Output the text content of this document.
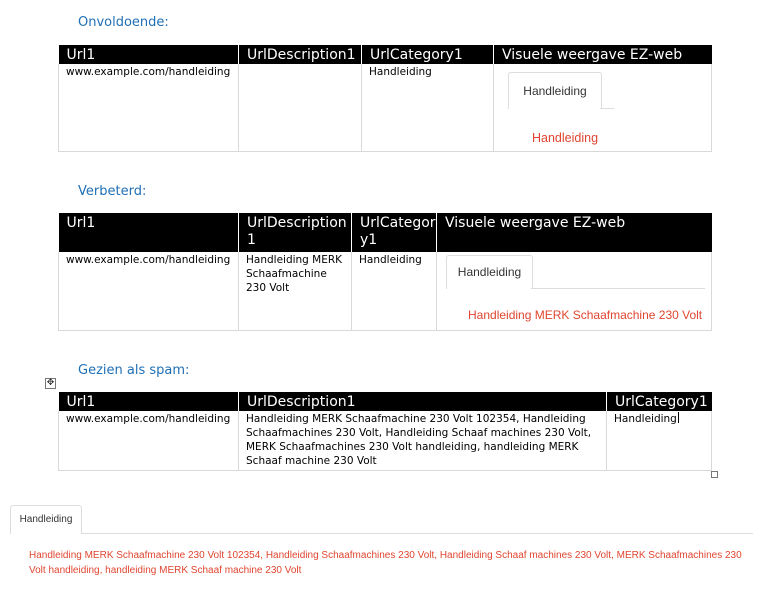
Onvoldoende:
Url1	UrlDescription1	UrlCategory1	Visuele weergave EZ-web
www.example.com/handleiding		Handleiding	Handleiding
Handleiding
Verbeterd:
Url1	UrlDescription 1	UrlCategor y1	Visuele weergave EZ-web
www.example.com/handleiding	Handleiding MERK Schaafmachine 230 Volt	Handleiding	Handleiding
Handleiding MERK Schaafmachine 230 Volt
Gezien als spam:
✥
Url1	UrlDescription1	UrlCategory1
www.example.com/handleiding	Handleiding MERK Schaafmachine 230 Volt 102354, Handleiding Schaafmachines 230 Volt, Handleiding Schaaf machines 230 Volt, MERK Schaafmachines 230 Volt handleiding, handleiding MERK Schaaf machine 230 Volt	Handleiding
Handleiding
Handleiding MERK Schaafmachine 230 Volt 102354, Handleiding Schaafmachines 230 Volt, Handleiding Schaaf machines 230 Volt, MERK Schaafmachines 230 Volt handleiding, handleiding MERK Schaaf machine 230 Volt
